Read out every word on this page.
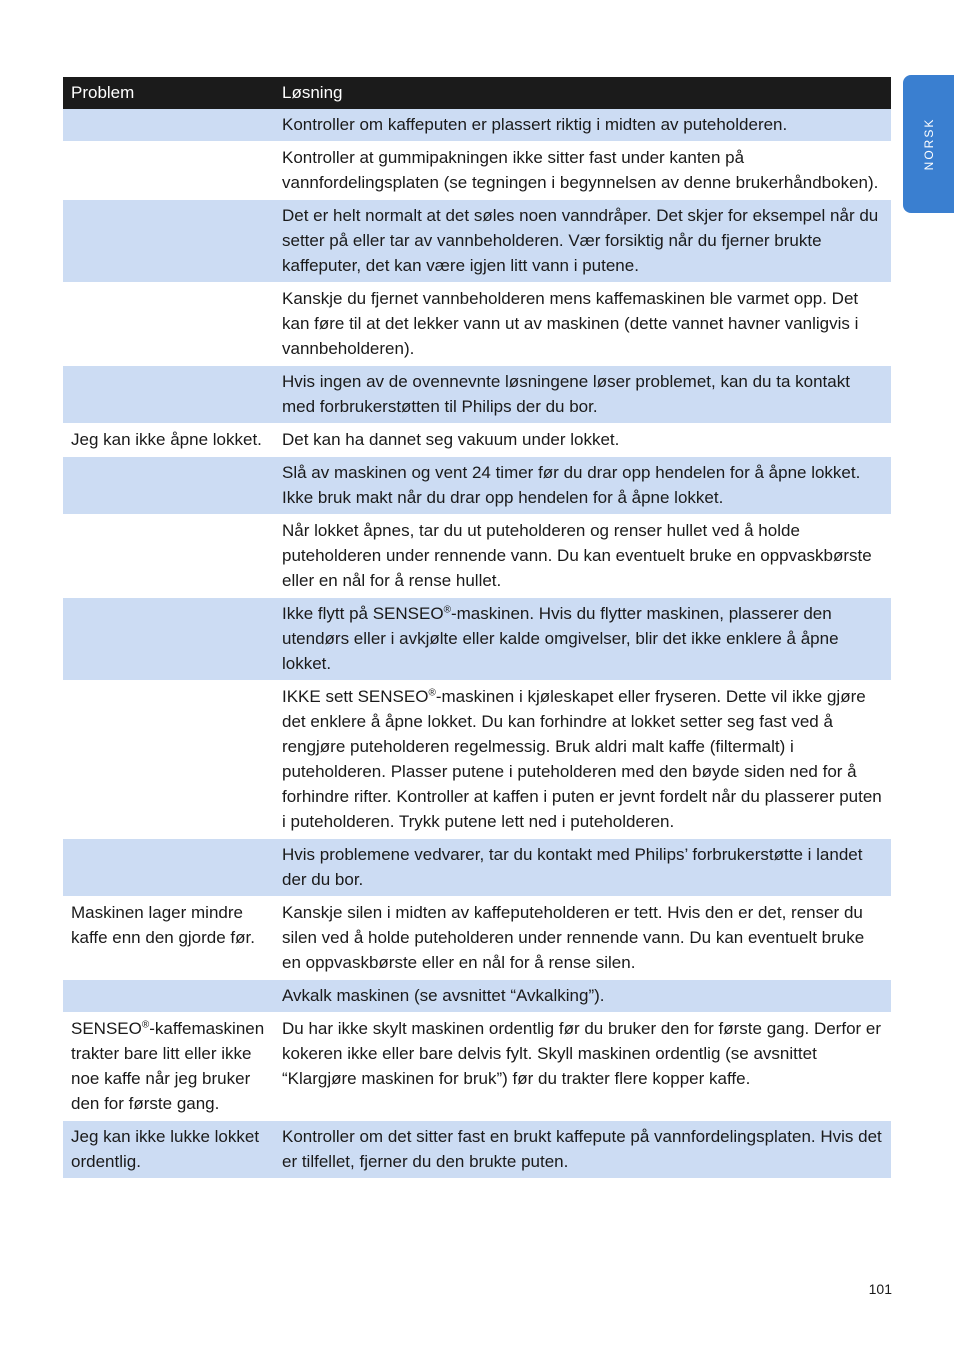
NORSK
Problem	Løsning
	Kontroller om kaffeputen er plassert riktig i midten av puteholderen.
	Kontroller at gummipakningen ikke sitter fast under kanten på vannfordelingsplaten (se tegningen i begynnelsen av denne brukerhåndboken).
	Det er helt normalt at det søles noen vanndråper. Det skjer for eksempel når du setter på eller tar av vannbeholderen. Vær forsiktig når du fjerner brukte kaffeputer, det kan være igjen litt vann i putene.
	Kanskje du fjernet vannbeholderen mens kaffemaskinen ble varmet opp. Det kan føre til at det lekker vann ut av maskinen (dette vannet havner vanligvis i vannbeholderen).
	Hvis ingen av de ovennevnte løsningene løser problemet, kan du ta kontakt med forbrukerstøtten til Philips der du bor.
Jeg kan ikke åpne lokket.	Det kan ha dannet seg vakuum under lokket.
	Slå av maskinen og vent 24 timer før du drar opp hendelen for å åpne lokket. Ikke bruk makt når du drar opp hendelen for å åpne lokket.
	Når lokket åpnes, tar du ut puteholderen og renser hullet ved å holde puteholderen under rennende vann. Du kan eventuelt bruke en oppvaskbørste eller en nål for å rense hullet.
	Ikke flytt på SENSEO®-maskinen. Hvis du flytter maskinen, plasserer den utendørs eller i avkjølte eller kalde omgivelser, blir det ikke enklere å åpne lokket.
	IKKE sett SENSEO®-maskinen i kjøleskapet eller fryseren. Dette vil ikke gjøre det enklere å åpne lokket. Du kan forhindre at lokket setter seg fast ved å rengjøre puteholderen regelmessig. Bruk aldri malt kaffe (filtermalt) i puteholderen. Plasser putene i puteholderen med den bøyde siden ned for å forhindre rifter. Kontroller at kaffen i puten er jevnt fordelt når du plasserer puten i puteholderen. Trykk putene lett ned i puteholderen.
	Hvis problemene vedvarer, tar du kontakt med Philips’ forbrukerstøtte i landet der du bor.
Maskinen lager mindre kaffe enn den gjorde før.	Kanskje silen i midten av kaffeputeholderen er tett. Hvis den er det, renser du silen ved å holde puteholderen under rennende vann. Du kan eventuelt bruke en oppvaskbørste eller en nål for å rense silen.
	Avkalk maskinen (se avsnittet “Avkalking”).
SENSEO®-kaffemaskinen trakter bare litt eller ikke noe kaffe når jeg bruker den for første gang.	Du har ikke skylt maskinen ordentlig før du bruker den for første gang. Derfor er kokeren ikke eller bare delvis fylt. Skyll maskinen ordentlig (se avsnittet “Klargjøre maskinen for bruk”) før du trakter flere kopper kaffe.
Jeg kan ikke lukke lokket ordentlig.	Kontroller om det sitter fast en brukt kaffepute på vannfordelingsplaten. Hvis det er tilfellet, fjerner du den brukte puten.
101
